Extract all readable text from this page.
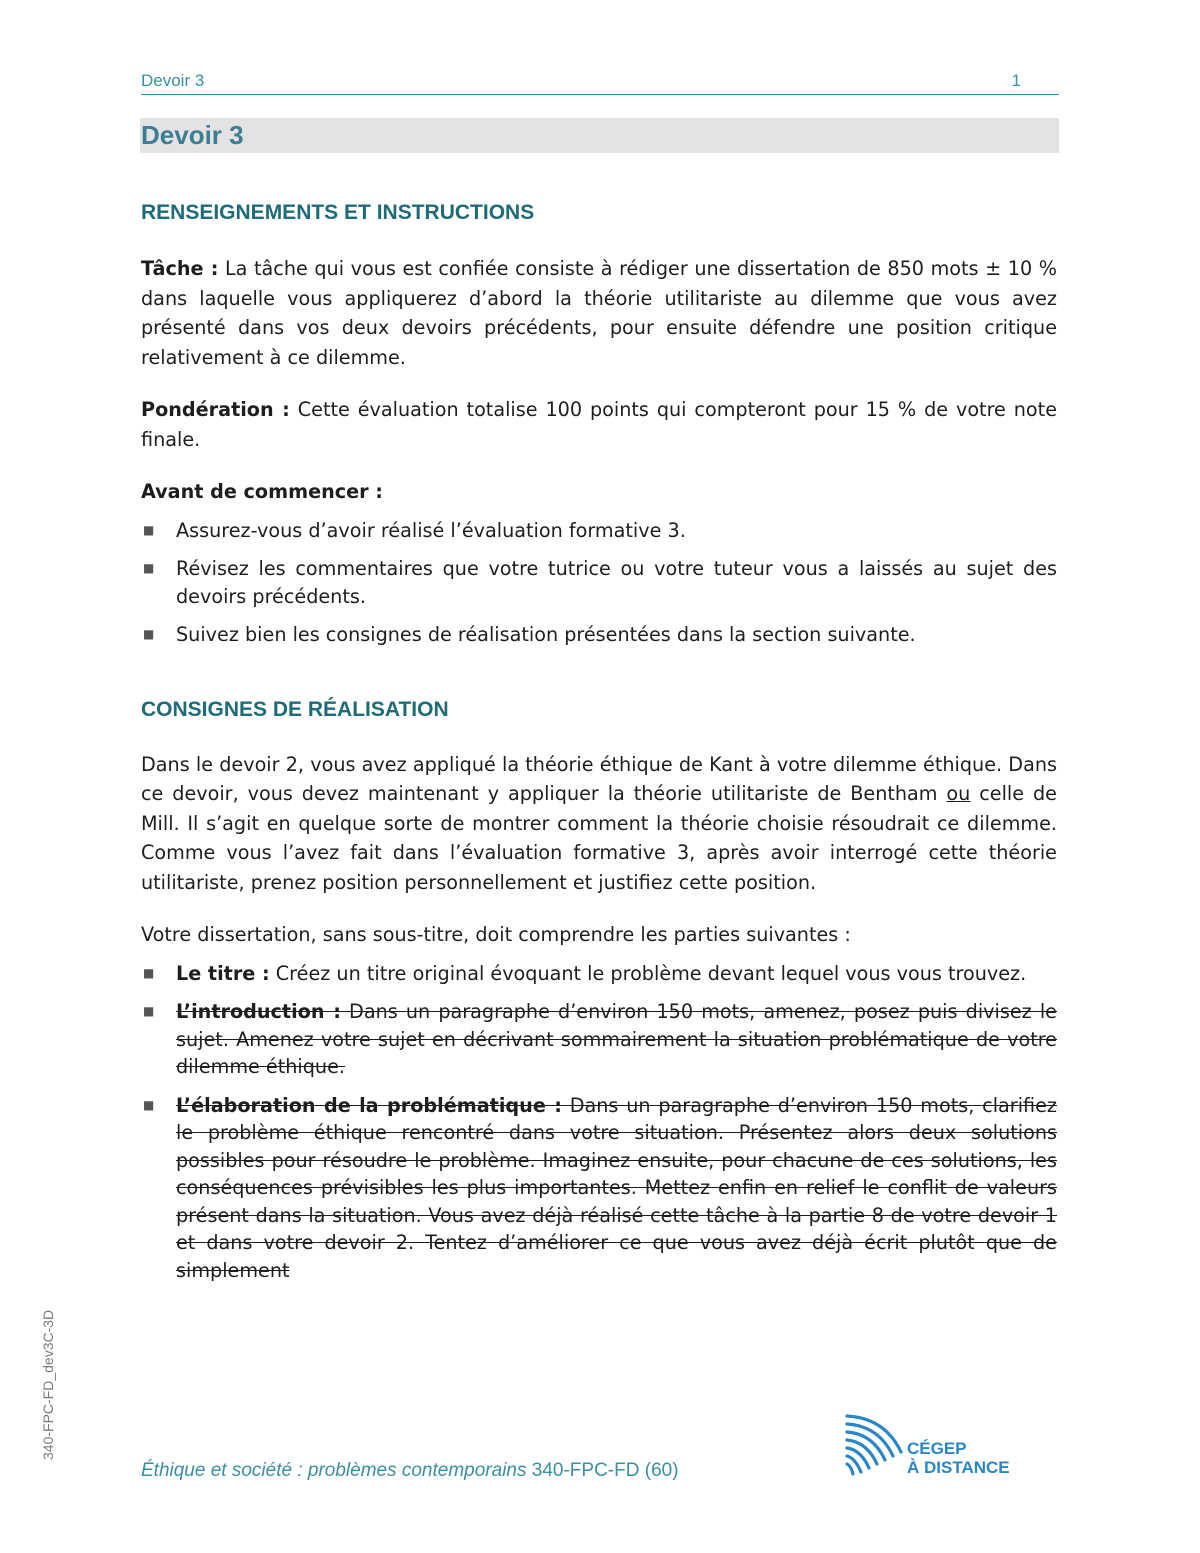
Devoir 3	1
Devoir 3
RENSEIGNEMENTS ET INSTRUCTIONS

Tâche : La tâche qui vous est confiée consiste à rédiger une dissertation de 850 mots ± 10 % dans laquelle vous appliquerez d’abord la théorie utilitariste au dilemme que vous avez présenté dans vos deux devoirs précédents, pour ensuite défendre une position critique relativement à ce dilemme.

Pondération : Cette évaluation totalise 100 points qui compteront pour 15 % de votre note finale.

Avant de commencer :

■ Assurez-vous d’avoir réalisé l’évaluation formative 3.
■ Révisez les commentaires que votre tutrice ou votre tuteur vous a laissés au sujet des devoirs précédents.
■ Suivez bien les consignes de réalisation présentées dans la section suivante.
CONSIGNES DE RÉALISATION

Dans le devoir 2, vous avez appliqué la théorie éthique de Kant à votre dilemme éthique. Dans ce devoir, vous devez maintenant y appliquer la théorie utilitariste de Bentham ou celle de Mill. Il s’agit en quelque sorte de montrer comment la théorie choisie résoudrait ce dilemme. Comme vous l’avez fait dans l’évaluation formative 3, après avoir interrogé cette théorie utilitariste, prenez position personnellement et justifiez cette position.

Votre dissertation, sans sous-titre, doit comprendre les parties suivantes :

■ Le titre : Créez un titre original évoquant le problème devant lequel vous vous trouvez.
■ L’introduction : Dans un paragraphe d’environ 150 mots, amenez, posez puis divisez le sujet. Amenez votre sujet en décrivant sommairement la situation problématique de votre dilemme éthique.
■ L’élaboration de la problématique : Dans un paragraphe d’environ 150 mots, clarifiez le problème éthique rencontré dans votre situation. Présentez alors deux solutions possibles pour résoudre le problème. Imaginez ensuite, pour chacune de ces solutions, les conséquences prévisibles les plus importantes. Mettez enfin en relief le conflit de valeurs présent dans la situation. Vous avez déjà réalisé cette tâche à la partie 8 de votre devoir 1 et dans votre devoir 2. Tentez d’améliorer ce que vous avez déjà écrit plutôt que de simplement
340-FPC-FD_dev3C-3D
Éthique et société : problèmes contemporains 340-FPC-FD (60)
CÉGEP
À DISTANCE
